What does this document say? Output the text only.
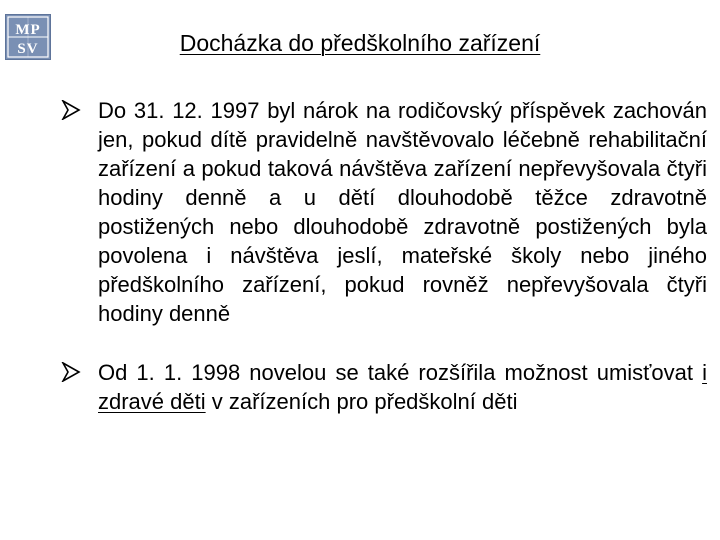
MP
SV	Docházka do předškolního zařízení
Do 31. 12. 1997 byl nárok na rodičovský příspěvek zachován jen, pokud dítě pravidelně navštěvovalo léčebně rehabilitační zařízení a pokud taková návštěva zařízení nepřevyšovala čtyři hodiny denně a u dětí dlouhodobě těžce zdravotně postižených nebo dlouhodobě zdravotně postižených byla povolena i návštěva jeslí, mateřské školy nebo jiného předškolního zařízení, pokud rovněž nepřevyšovala čtyři hodiny denně
Od 1. 1. 1998 novelou se také rozšířila možnost umisťovat i zdravé děti v zařízeních pro předškolní děti
